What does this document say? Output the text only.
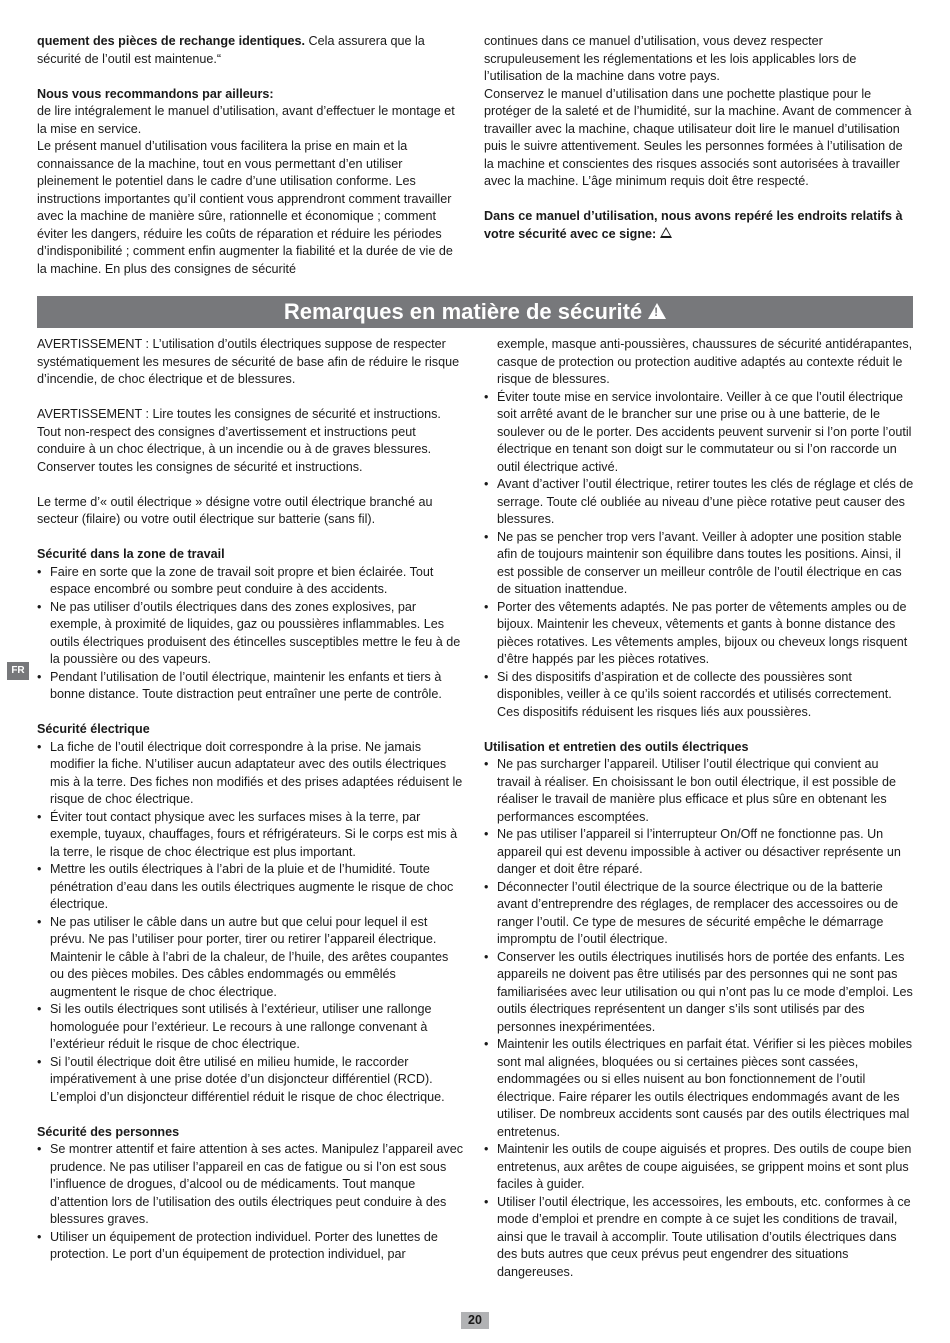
quement des pièces de rechange identiques. Cela assurera que la sécurité de l’outil est maintenue.“

Nous vous recommandons par ailleurs:

de lire intégralement le manuel d’utilisation, avant d’effectuer le montage et la mise en service.

Le présent manuel d’utilisation vous facilitera la prise en main et la connaissance de la machine, tout en vous permettant d’en utiliser pleinement le potentiel dans le cadre d’une utilisation conforme. Les instructions importantes qu’il contient vous apprendront comment travailler avec la machine de manière sûre, rationnelle et économique ; comment éviter les dangers, réduire les coûts de réparation et réduire les périodes d’indisponibilité ; comment enfin augmenter la fiabilité et la durée de vie de la machine. En plus des consignes de sécurité

continues dans ce manuel d’utilisation, vous devez respecter scrupuleusement les réglementations et les lois applicables lors de l’utilisation de la machine dans votre pays.

Conservez le manuel d’utilisation dans une pochette plastique pour le protéger de la saleté et de l’humidité, sur la machine. Avant de commencer à travailler avec la machine, chaque utilisateur doit lire le manuel d’utilisation puis le suivre attentivement. Seules les personnes formées à l’utilisation de la machine et conscientes des risques associés sont autorisées à travailler avec la machine. L’âge minimum requis doit être respecté.

Dans ce manuel d’utilisation, nous avons repéré les endroits relatifs à votre sécurité avec ce signe:

Remarques en matière de sécurité!

AVERTISSEMENT : L’utilisation d’outils électriques suppose de respecter systématiquement les mesures de sécurité de base afin de réduire le risque d’incendie, de choc électrique et de blessures.

AVERTISSEMENT : Lire toutes les consignes de sécurité et instructions. Tout non-respect des consignes d’avertissement et instructions peut conduire à un choc électrique, à un incendie ou à de graves blessures. Conserver toutes les consignes de sécurité et instructions.

Le terme d’« outil électrique » désigne votre outil électrique branché au secteur (filaire) ou votre outil électrique sur batterie (sans fil).

Sécurité dans la zone de travail

• Faire en sorte que la zone de travail soit propre et bien éclairée. Tout espace encombré ou sombre peut conduire à des accidents.
• Ne pas utiliser d’outils électriques dans des zones explosives, par exemple, à proximité de liquides, gaz ou poussières inflammables. Les outils électriques produisent des étincelles susceptibles mettre le feu à de la poussière ou des vapeurs.
• Pendant l’utilisation de l’outil électrique, maintenir les enfants et tiers à bonne distance. Toute distraction peut entraîner une perte de contrôle.

Sécurité électrique

• La fiche de l’outil électrique doit correspondre à la prise. Ne jamais modifier la fiche. N’utiliser aucun adaptateur avec des outils électriques mis à la terre. Des fiches non modifiés et des prises adaptées réduisent le risque de choc électrique.
• Éviter tout contact physique avec les surfaces mises à la terre, par exemple, tuyaux, chauffages, fours et réfrigérateurs. Si le corps est mis à la terre, le risque de choc électrique est plus important.
• Mettre les outils électriques à l’abri de la pluie et de l’humidité. Toute pénétration d’eau dans les outils électriques augmente le risque de choc électrique.
• Ne pas utiliser le câble dans un autre but que celui pour lequel il est prévu. Ne pas l’utiliser pour porter, tirer ou retirer l’appareil électrique. Maintenir le câble à l’abri de la chaleur, de l’huile, des arêtes coupantes ou des pièces mobiles. Des câbles endommagés ou emmêlés augmentent le risque de choc électrique.
• Si les outils électriques sont utilisés à l’extérieur, utiliser une rallonge homologuée pour l’extérieur. Le recours à une rallonge convenant à l’extérieur réduit le risque de choc électrique.
• Si l’outil électrique doit être utilisé en milieu humide, le raccorder impérativement à une prise dotée d’un disjoncteur différentiel (RCD). L’emploi d’un disjoncteur différentiel réduit le risque de choc électrique.

Sécurité des personnes

• Se montrer attentif et faire attention à ses actes. Manipulez l’appareil avec prudence. Ne pas utiliser l’appareil en cas de fatigue ou si l’on est sous l’influence de drogues, d’alcool ou de médicaments. Tout manque d’attention lors de l’utilisation des outils électriques peut conduire à des blessures graves.
• Utiliser un équipement de protection individuel. Porter des lunettes de protection. Le port d’un équipement de protection individuel, par
exemple, masque anti-poussières, chaussures de sécurité antidérapantes, casque de protection ou protection auditive adaptés au contexte réduit le risque de blessures.
• Éviter toute mise en service involontaire. Veiller à ce que l’outil électrique soit arrêté avant de le brancher sur une prise ou à une batterie, de le soulever ou de le porter. Des accidents peuvent survenir si l’on porte l’outil électrique en tenant son doigt sur le commutateur ou si l’on raccorde un outil électrique activé.
• Avant d’activer l’outil électrique, retirer toutes les clés de réglage et clés de serrage. Toute clé oubliée au niveau d’une pièce rotative peut causer des blessures.
• Ne pas se pencher trop vers l’avant. Veiller à adopter une position stable afin de toujours maintenir son équilibre dans toutes les positions. Ainsi, il est possible de conserver un meilleur contrôle de l’outil électrique en cas de situation inattendue.
• Porter des vêtements adaptés. Ne pas porter de vêtements amples ou de bijoux. Maintenir les cheveux, vêtements et gants à bonne distance des pièces rotatives. Les vêtements amples, bijoux ou cheveux longs risquent d’être happés par les pièces rotatives.
• Si des dispositifs d’aspiration et de collecte des poussières sont disponibles, veiller à ce qu’ils soient raccordés et utilisés correctement. Ces dispositifs réduisent les risques liés aux poussières.

Utilisation et entretien des outils électriques

• Ne pas surcharger l’appareil. Utiliser l’outil électrique qui convient au travail à réaliser. En choisissant le bon outil électrique, il est possible de réaliser le travail de manière plus efficace et plus sûre en obtenant les performances escomptées.
• Ne pas utiliser l’appareil si l’interrupteur On/Off ne fonctionne pas. Un appareil qui est devenu impossible à activer ou désactiver représente un danger et doit être réparé.
• Déconnecter l’outil électrique de la source électrique ou de la batterie avant d’entreprendre des réglages, de remplacer des accessoires ou de ranger l’outil. Ce type de mesures de sécurité empêche le démarrage impromptu de l’outil électrique.
• Conserver les outils électriques inutilisés hors de portée des enfants. Les appareils ne doivent pas être utilisés par des personnes qui ne sont pas familiarisées avec leur utilisation ou qui n’ont pas lu ce mode d’emploi. Les outils électriques représentent un danger s’ils sont utilisés par des personnes inexpérimentées.
• Maintenir les outils électriques en parfait état. Vérifier si les pièces mobiles sont mal alignées, bloquées ou si certaines pièces sont cassées, endommagées ou si elles nuisent au bon fonctionnement de l’outil électrique. Faire réparer les outils électriques endommagés avant de les utiliser. De nombreux accidents sont causés par des outils électriques mal entretenus.
• Maintenir les outils de coupe aiguisés et propres. Des outils de coupe bien entretenus, aux arêtes de coupe aiguisées, se grippent moins et sont plus faciles à guider.
• Utiliser l’outil électrique, les accessoires, les embouts, etc. conformes à ce mode d’emploi et prendre en compte à ce sujet les conditions de travail, ainsi que le travail à accomplir. Toute utilisation d’outils électriques dans des buts autres que ceux prévus peut engendrer des situations dangereuses.
FR
20
